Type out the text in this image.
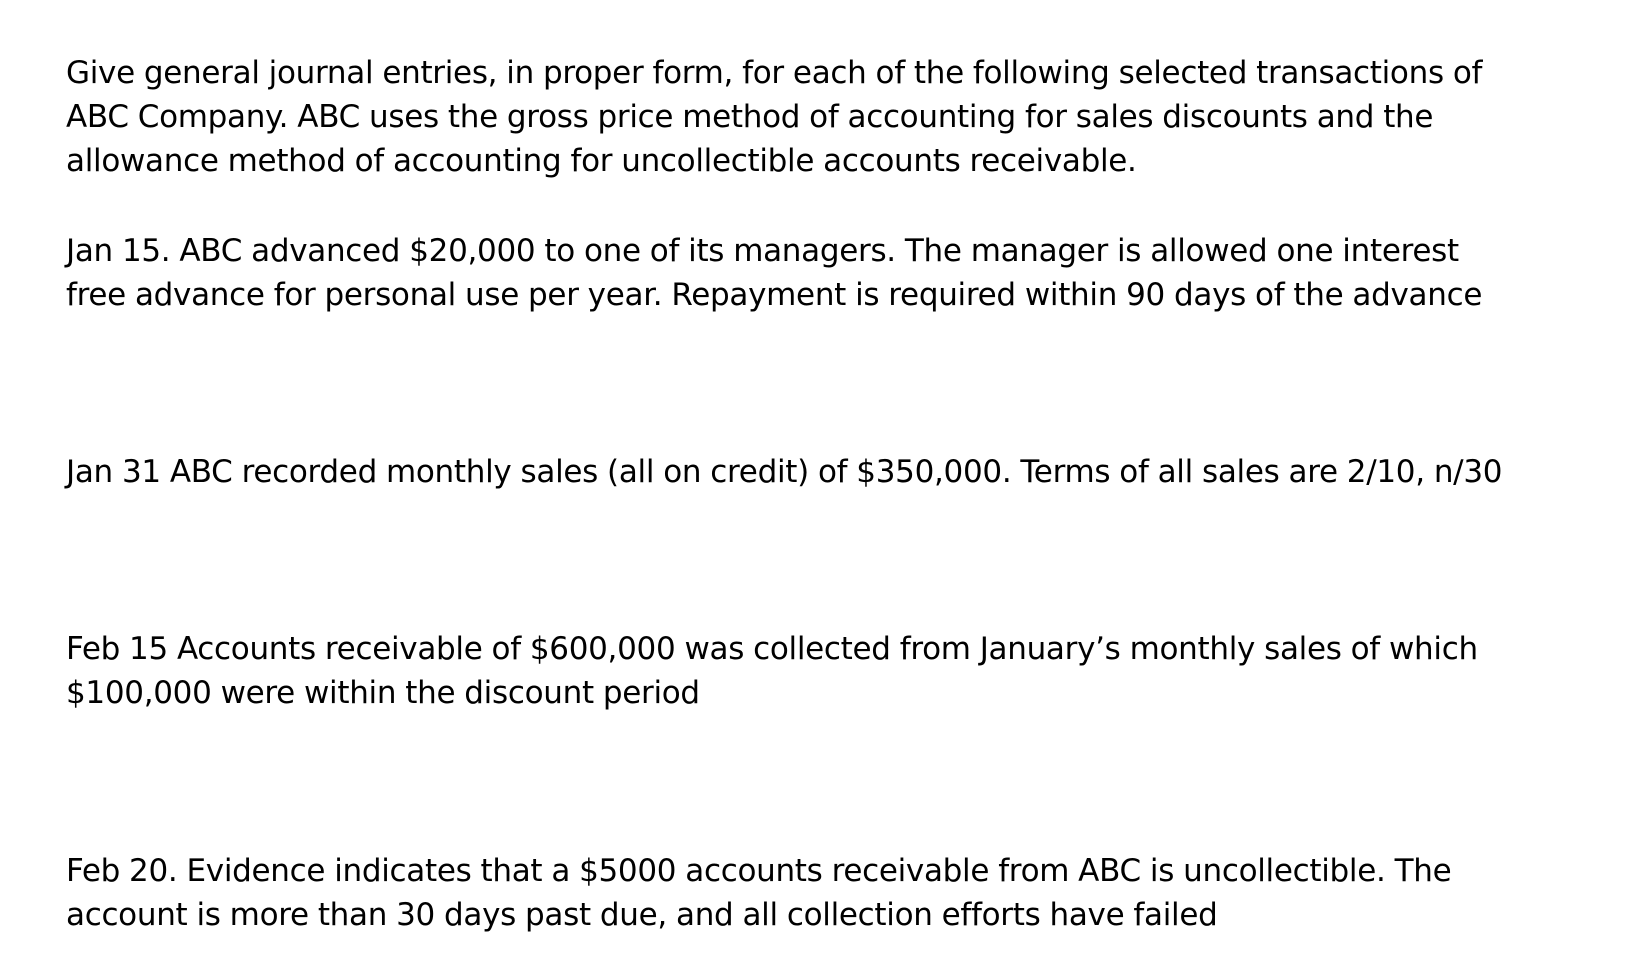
Give general journal entries, in proper form, for each of the following selected transactions of
ABC Company. ABC uses the gross price method of accounting for sales discounts and the
allowance method of accounting for uncollectible accounts receivable.

Jan 15. ABC advanced $20,000 to one of its managers. The manager is allowed one interest
free advance for personal use per year. Repayment is required within 90 days of the advance

Jan 31 ABC recorded monthly sales (all on credit) of $350,000. Terms of all sales are 2/10, n/30

Feb 15 Accounts receivable of $600,000 was collected from January’s monthly sales of which
$100,000 were within the discount period

Feb 20. Evidence indicates that a $5000 accounts receivable from ABC is uncollectible. The
account is more than 30 days past due, and all collection efforts have failed
